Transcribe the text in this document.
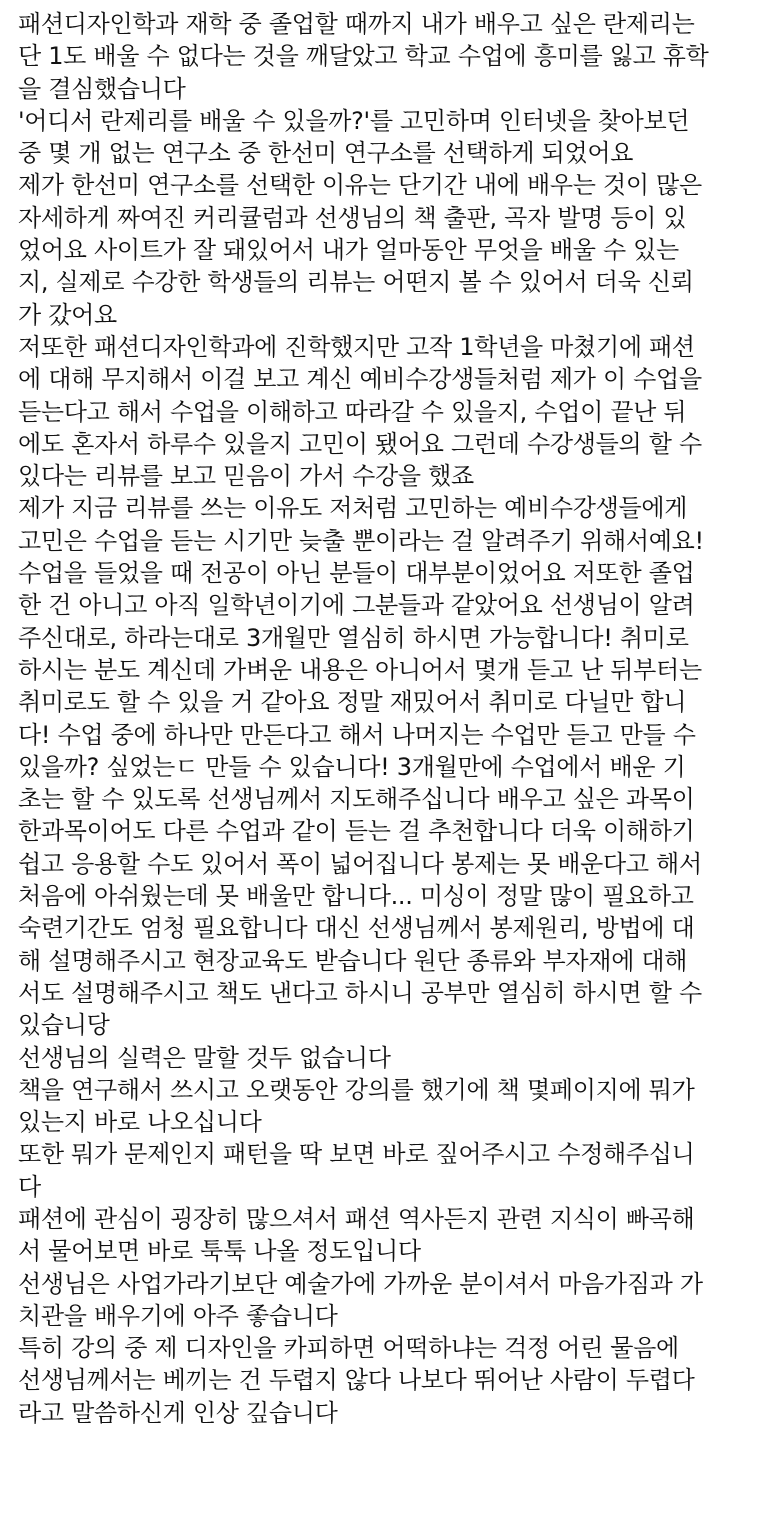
패션디자인학과 재학 중 졸업할 때까지 내가 배우고 싶은 란제리는
단 1도 배울 수 없다는 것을 깨달았고 학교 수업에 흥미를 잃고 휴학
을 결심했습니다
'어디서 란제리를 배울 수 있을까?'를 고민하며 인터넷을 찾아보던
중 몇 개 없는 연구소 중 한선미 연구소를 선택하게 되었어요
제가 한선미 연구소를 선택한 이유는 단기간 내에 배우는 것이 많은
자세하게 짜여진 커리큘럼과 선생님의 책 출판, 곡자 발명 등이 있
었어요 사이트가 잘 돼있어서 내가 얼마동안 무엇을 배울 수 있는
지, 실제로 수강한 학생들의 리뷰는 어떤지 볼 수 있어서 더욱 신뢰
가 갔어요
저또한 패션디자인학과에 진학했지만 고작 1학년을 마쳤기에 패션
에 대해 무지해서 이걸 보고 계신 예비수강생들처럼 제가 이 수업을
듣는다고 해서 수업을 이해하고 따라갈 수 있을지, 수업이 끝난 뒤
에도 혼자서 하루수 있을지 고민이 됐어요 그런데 수강생들의 할 수
있다는 리뷰를 보고 믿음이 가서 수강을 했죠
제가 지금 리뷰를 쓰는 이유도 저처럼 고민하는 예비수강생들에게
고민은 수업을 듣는 시기만 늦출 뿐이라는 걸 알려주기 위해서예요!
수업을 들었을 때 전공이 아닌 분들이 대부분이었어요 저또한 졸업
한 건 아니고 아직 일학년이기에 그분들과 같았어요 선생님이 알려
주신대로, 하라는대로 3개월만 열심히 하시면 가능합니다! 취미로
하시는 분도 계신데 가벼운 내용은 아니어서 몇개 듣고 난 뒤부터는
취미로도 할 수 있을 거 같아요 정말 재밌어서 취미로 다닐만 합니
다! 수업 중에 하나만 만든다고 해서 나머지는 수업만 듣고 만들 수
있을까? 싶었는ㄷ 만들 수 있습니다! 3개월만에 수업에서 배운 기
초는 할 수 있도록 선생님께서 지도해주십니다 배우고 싶은 과목이
한과목이어도 다른 수업과 같이 듣는 걸 추천합니다 더욱 이해하기
쉽고 응용할 수도 있어서 폭이 넓어집니다 봉제는 못 배운다고 해서
처음에 아쉬웠는데 못 배울만 합니다... 미싱이 정말 많이 필요하고
숙련기간도 엄청 필요합니다 대신 선생님께서 봉제원리, 방법에 대
해 설명해주시고 현장교육도 받습니다 원단 종류와 부자재에 대해
서도 설명해주시고 책도 낸다고 하시니 공부만 열심히 하시면 할 수
있습니당
선생님의 실력은 말할 것두 없습니다
책을 연구해서 쓰시고 오랫동안 강의를 했기에 책 몇페이지에 뭐가
있는지 바로 나오십니다
또한 뭐가 문제인지 패턴을 딱 보면 바로 짚어주시고 수정해주십니
다
패션에 관심이 굉장히 많으셔서 패션 역사든지 관련 지식이 빠곡해
서 물어보면 바로 툭툭 나올 정도입니다
선생님은 사업가라기보단 예술가에 가까운 분이셔서 마음가짐과 가
치관을 배우기에 아주 좋습니다
특히 강의 중 제 디자인을 카피하면 어떡하냐는 걱정 어린 물음에
선생님께서는 베끼는 건 두렵지 않다 나보다 뛰어난 사람이 두렵다
라고 말씀하신게 인상 깊습니다
